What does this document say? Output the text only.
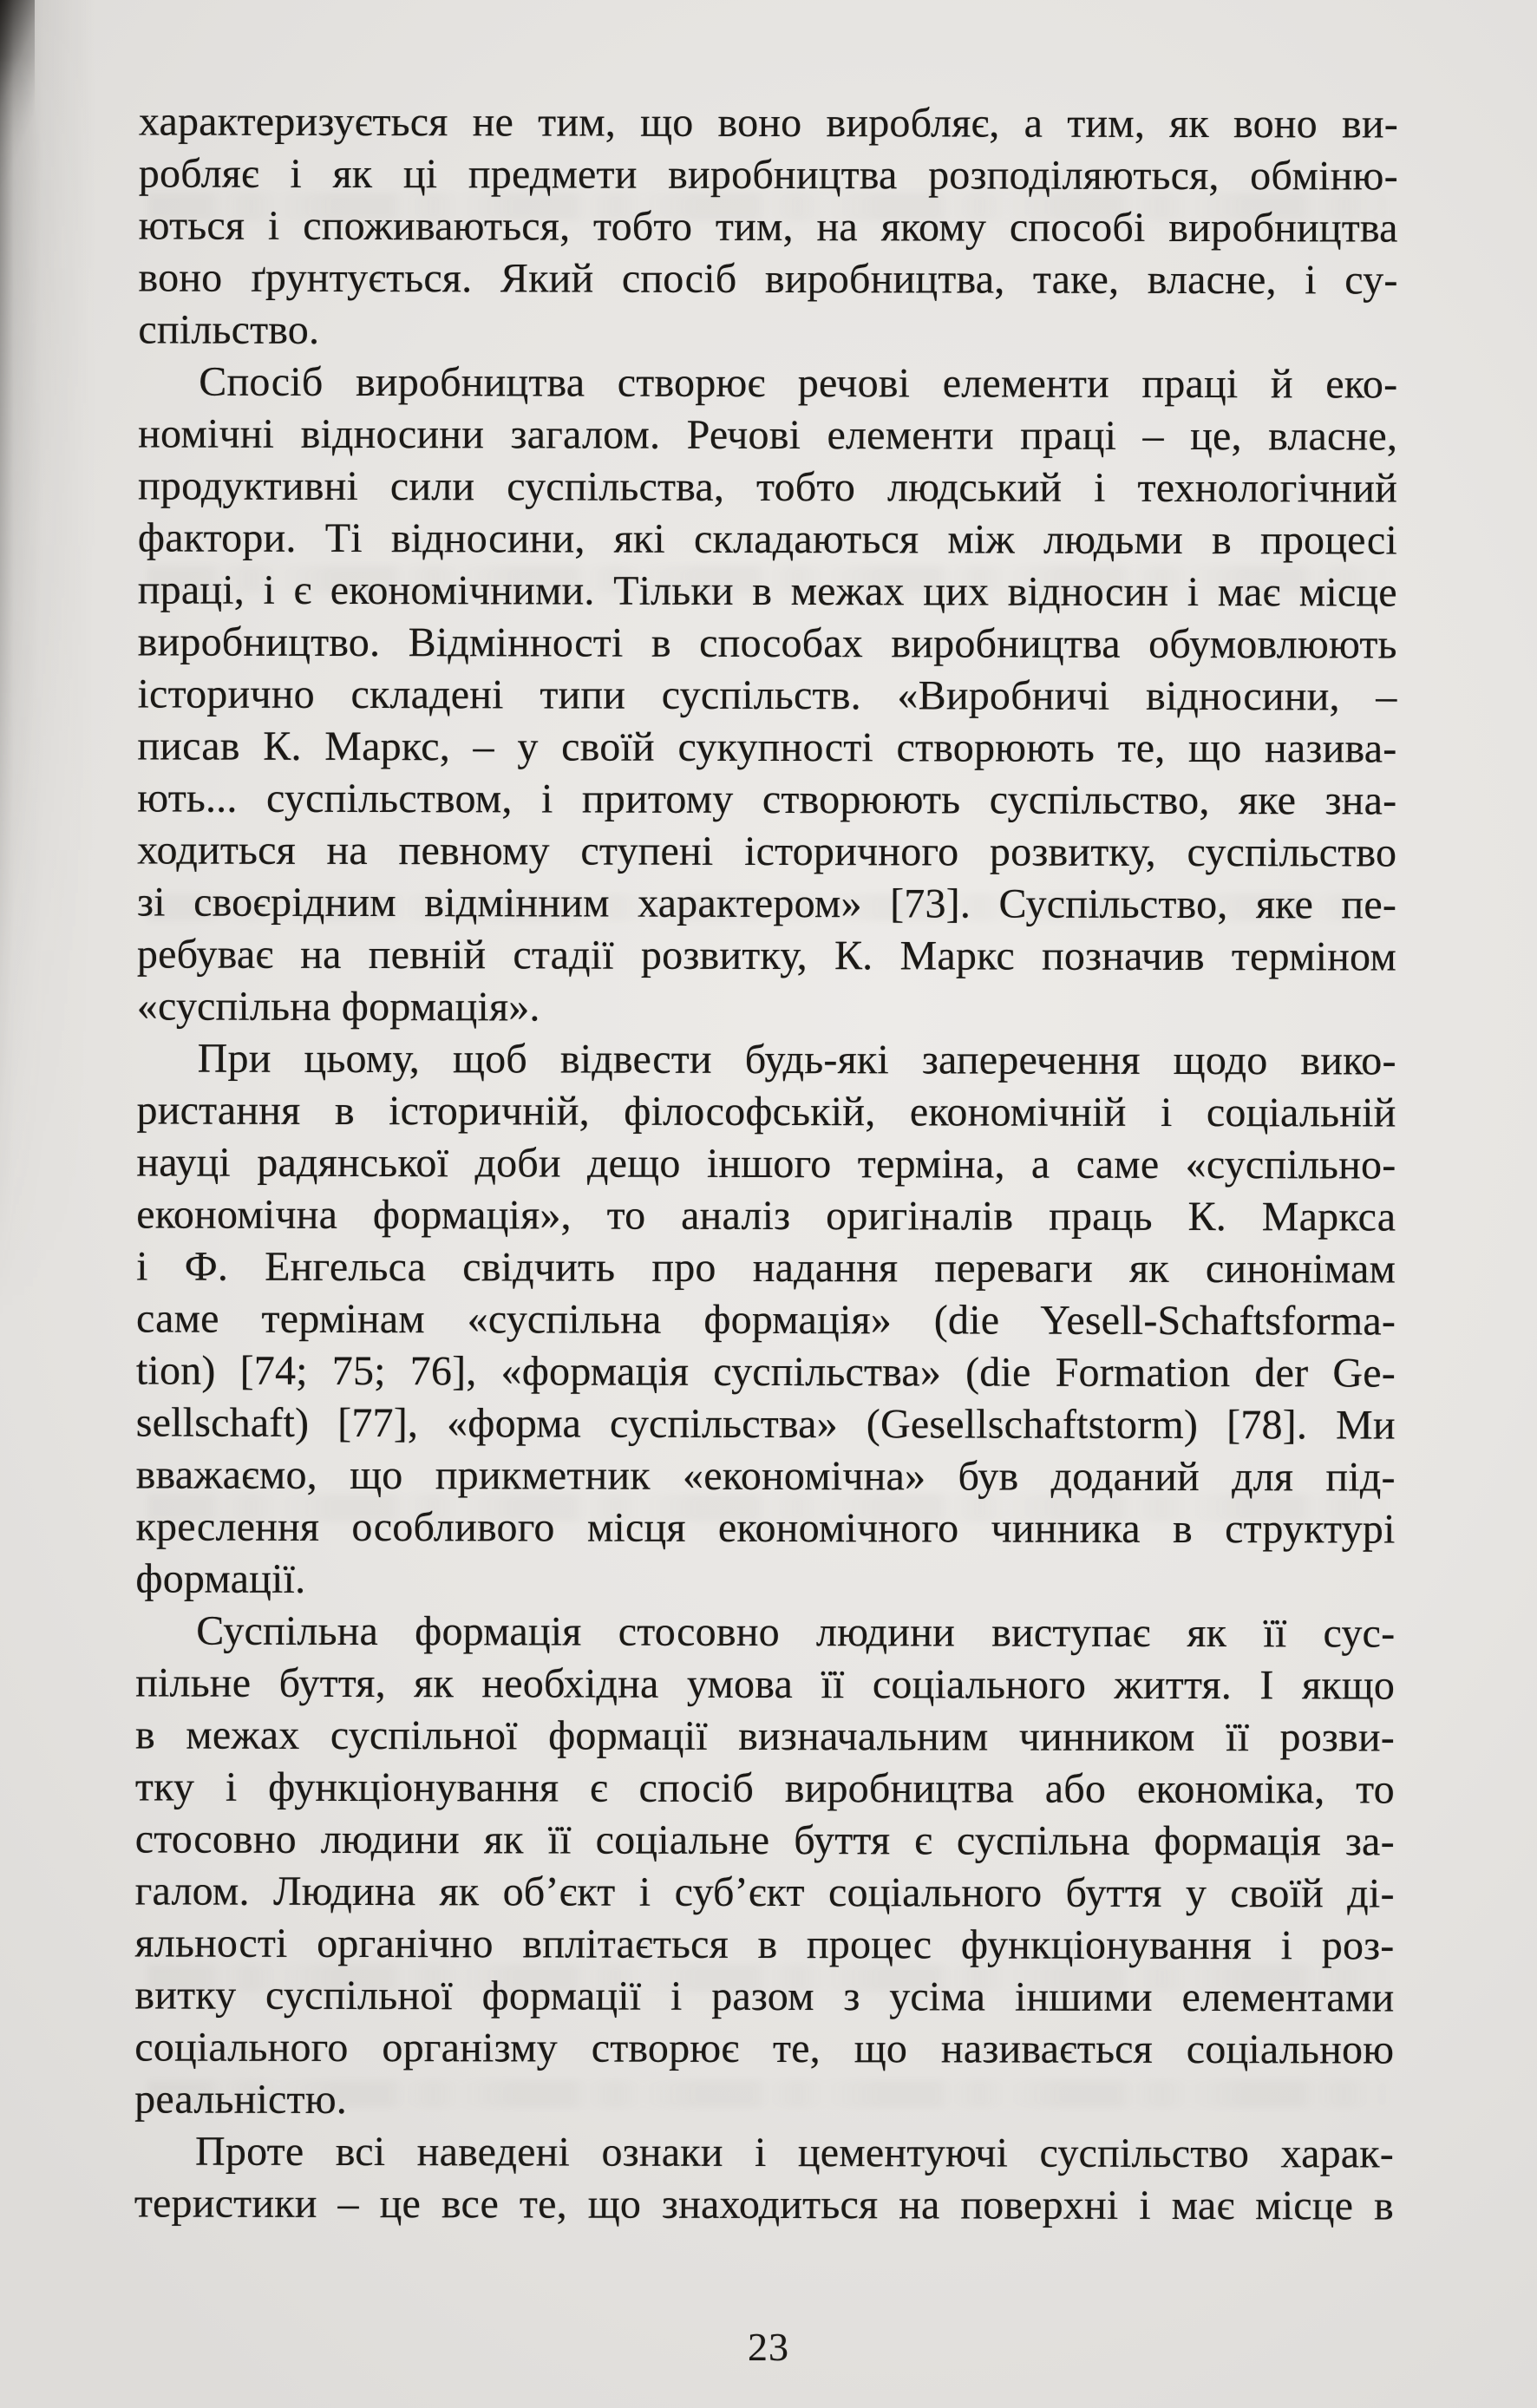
характеризується не тим, що воно виробляє, а тим, як воно ви-
робляє і як ці предмети виробництва розподіляються, обміню-
ються і споживаються, тобто тим, на якому способі виробництва
воно ґрунтується. Який спосіб виробництва, таке, власне, і су-
спільство.
Спосіб виробництва створює речові елементи праці й еко-
номічні відносини загалом. Речові елементи праці – це, власне,
продуктивні сили суспільства, тобто людський і технологічний
фактори. Ті відносини, які складаються між людьми в процесі
праці, і є економічними. Тільки в межах цих відносин і має місце
виробництво. Відмінності в способах виробництва обумовлюють
історично складені типи суспільств. «Виробничі відносини, –
писав К. Маркс, – у своїй сукупності створюють те, що назива-
ють... суспільством, і притому створюють суспільство, яке зна-
ходиться на певному ступені історичного розвитку, суспільство
зі своєрідним відмінним характером» [73]. Суспільство, яке пе-
ребуває на певній стадії розвитку, К. Маркс позначив терміном
«суспільна формація».
При цьому, щоб відвести будь-які заперечення щодо вико-
ристання в історичній, філософській, економічній і соціальній
науці радянської доби дещо іншого терміна, а саме «суспільно-
економічна формація», то аналіз оригіналів праць К. Маркса
і Ф. Енгельса свідчить про надання переваги як синонімам
саме термінам «суспільна формація» (die Yesell-Schaftsforma-
tion) [74; 75; 76], «формація суспільства» (die Formation der Ge-
sellschaft) [77], «форма суспільства» (Gesellschaftstorm) [78]. Ми
вважаємо, що прикметник «економічна» був доданий для під-
креслення особливого місця економічного чинника в структурі
формації.
Суспільна формація стосовно людини виступає як її сус-
пільне буття, як необхідна умова її соціального життя. І якщо
в межах суспільної формації визначальним чинником її розви-
тку і функціонування є спосіб виробництва або економіка, то
стосовно людини як її соціальне буття є суспільна формація за-
галом. Людина як об’єкт і суб’єкт соціального буття у своїй ді-
яльності органічно вплітається в процес функціонування і роз-
витку суспільної формації і разом з усіма іншими елементами
соціального організму створює те, що називається соціальною
реальністю.
Проте всі наведені ознаки і цементуючі суспільство харак-
теристики – це все те, що знаходиться на поверхні і має місце в
23
